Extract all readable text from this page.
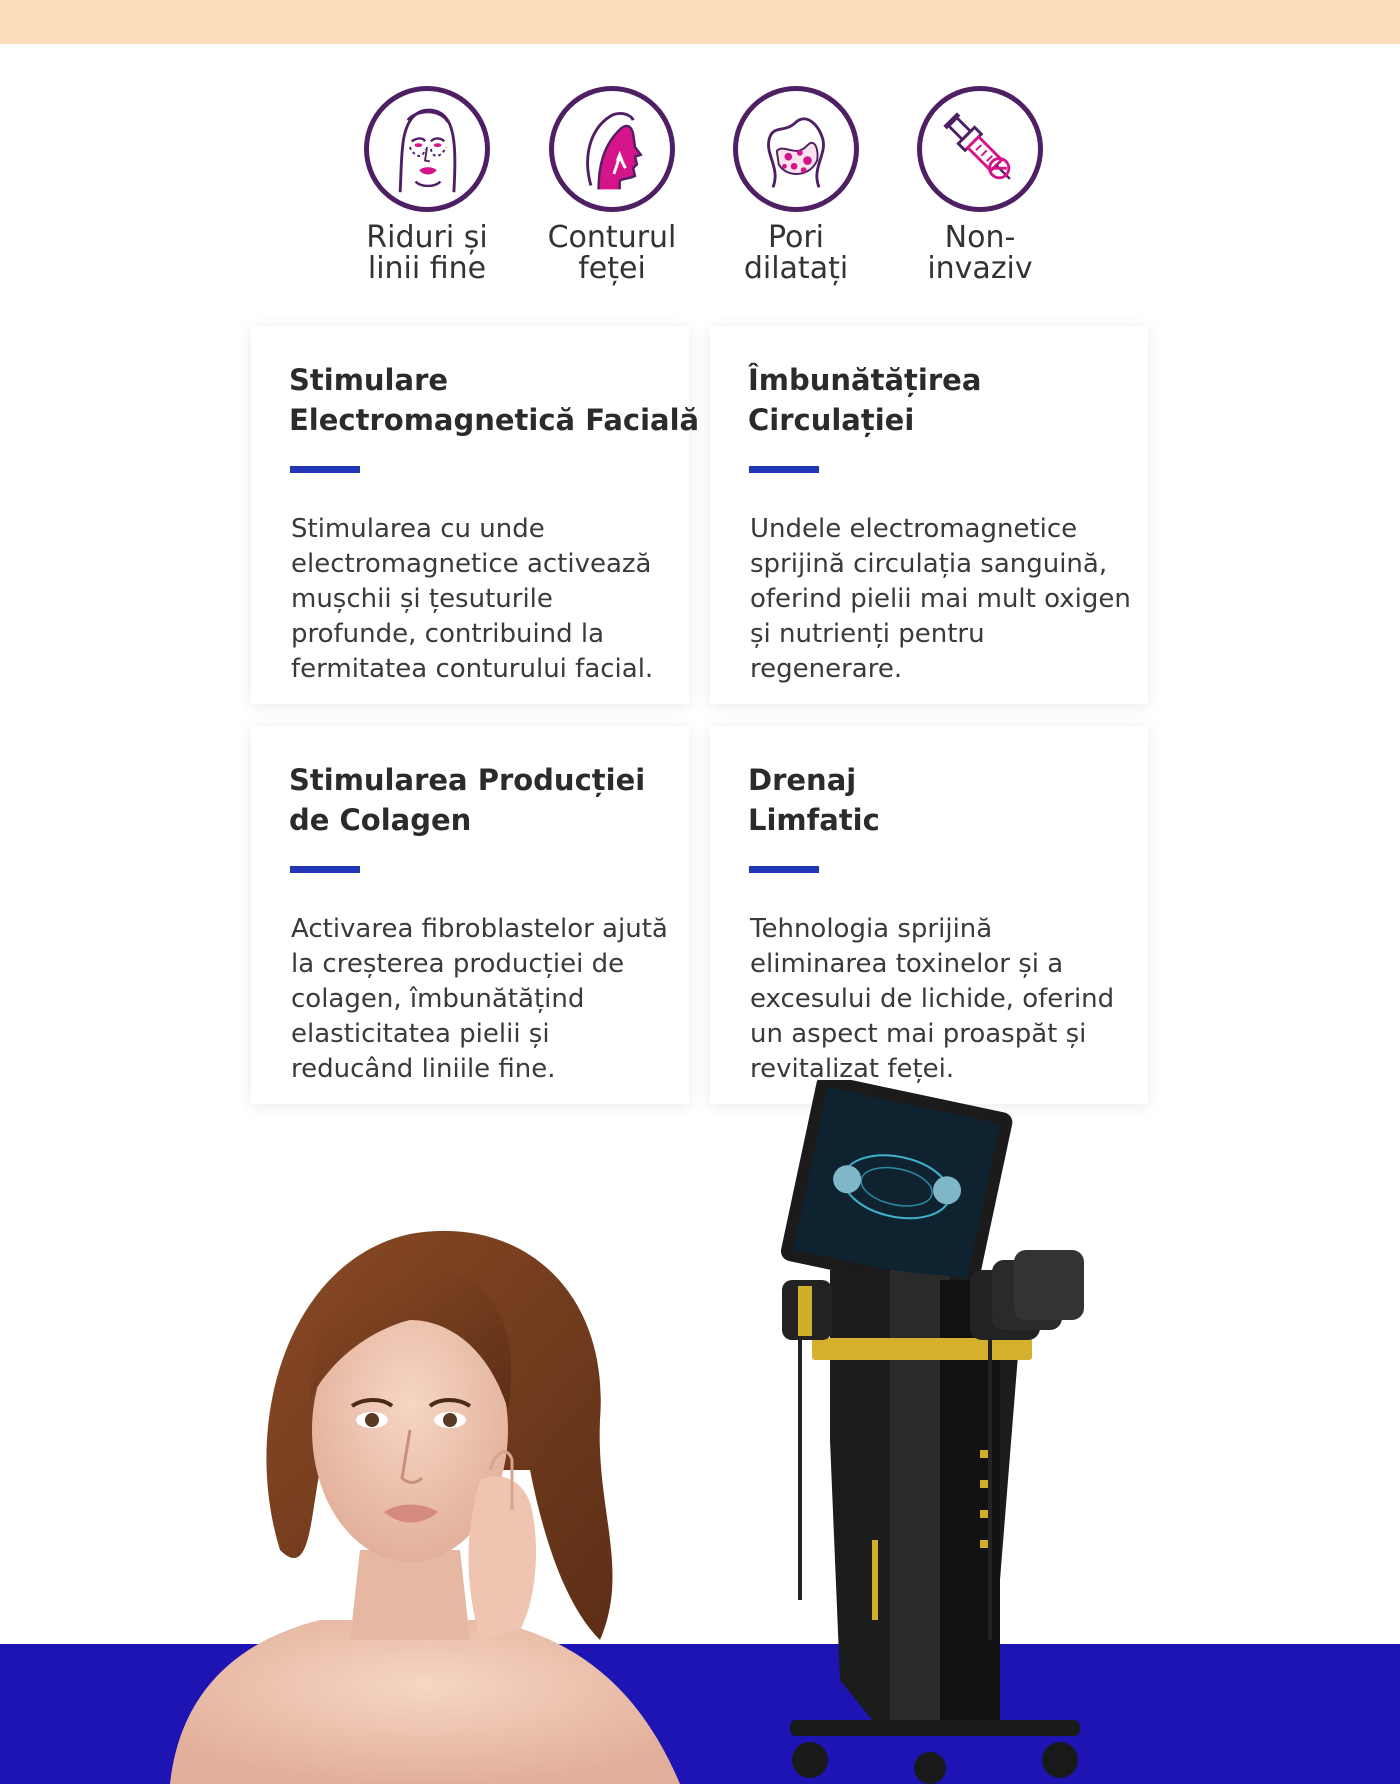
Riduri și
linii fine
Conturul
feței
Pori
dilatați
Non-
invaziv
Stimulare
Electromagnetică Facială
Stimularea cu unde
electromagnetice activează
mușchii și țesuturile
profunde, contribuind la
fermitatea conturului facial.
Îmbunătățirea
Circulației
Undele electromagnetice
sprijină circulația sanguină,
oferind pielii mai mult oxigen
și nutrienți pentru
regenerare.
Stimularea Producției
de Colagen
Activarea fibroblastelor ajută
la creșterea producției de
colagen, îmbunătățind
elasticitatea pielii și
reducând liniile fine.
Drenaj
Limfatic
Tehnologia sprijină
eliminarea toxinelor și a
excesului de lichide, oferind
un aspect mai proaspăt și
revitalizat feței.
